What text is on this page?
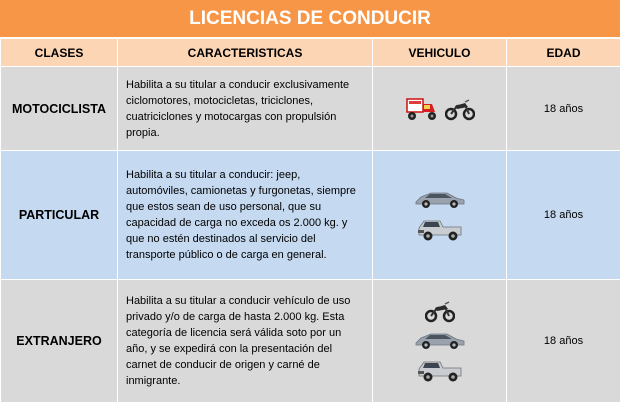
LICENCIAS DE CONDUCIR
CLASES	CARACTERISTICAS	VEHICULO	EDAD
MOTOCICLISTA	Habilita a su titular a conducir exclusivamente ciclomotores, motocicletas, triciclones, cuatriciclones y motocargas con propulsión propia.		18 años
PARTICULAR	Habilita a su titular a conducir: jeep, automóviles, camionetas y furgonetas, siempre que estos sean de uso personal, que su capacidad de carga no exceda os 2.000 kg. y que no estén destinados al servicio del transporte público o de carga en general.		18 años
EXTRANJERO	Habilita a su titular a conducir vehículo de uso privado y/o de carga de hasta 2.000 kg. Esta categoría de licencia será válida soto por un año, y se expedirá con la presentación del carnet de conducir de origen y carné de inmigrante.		18 años
